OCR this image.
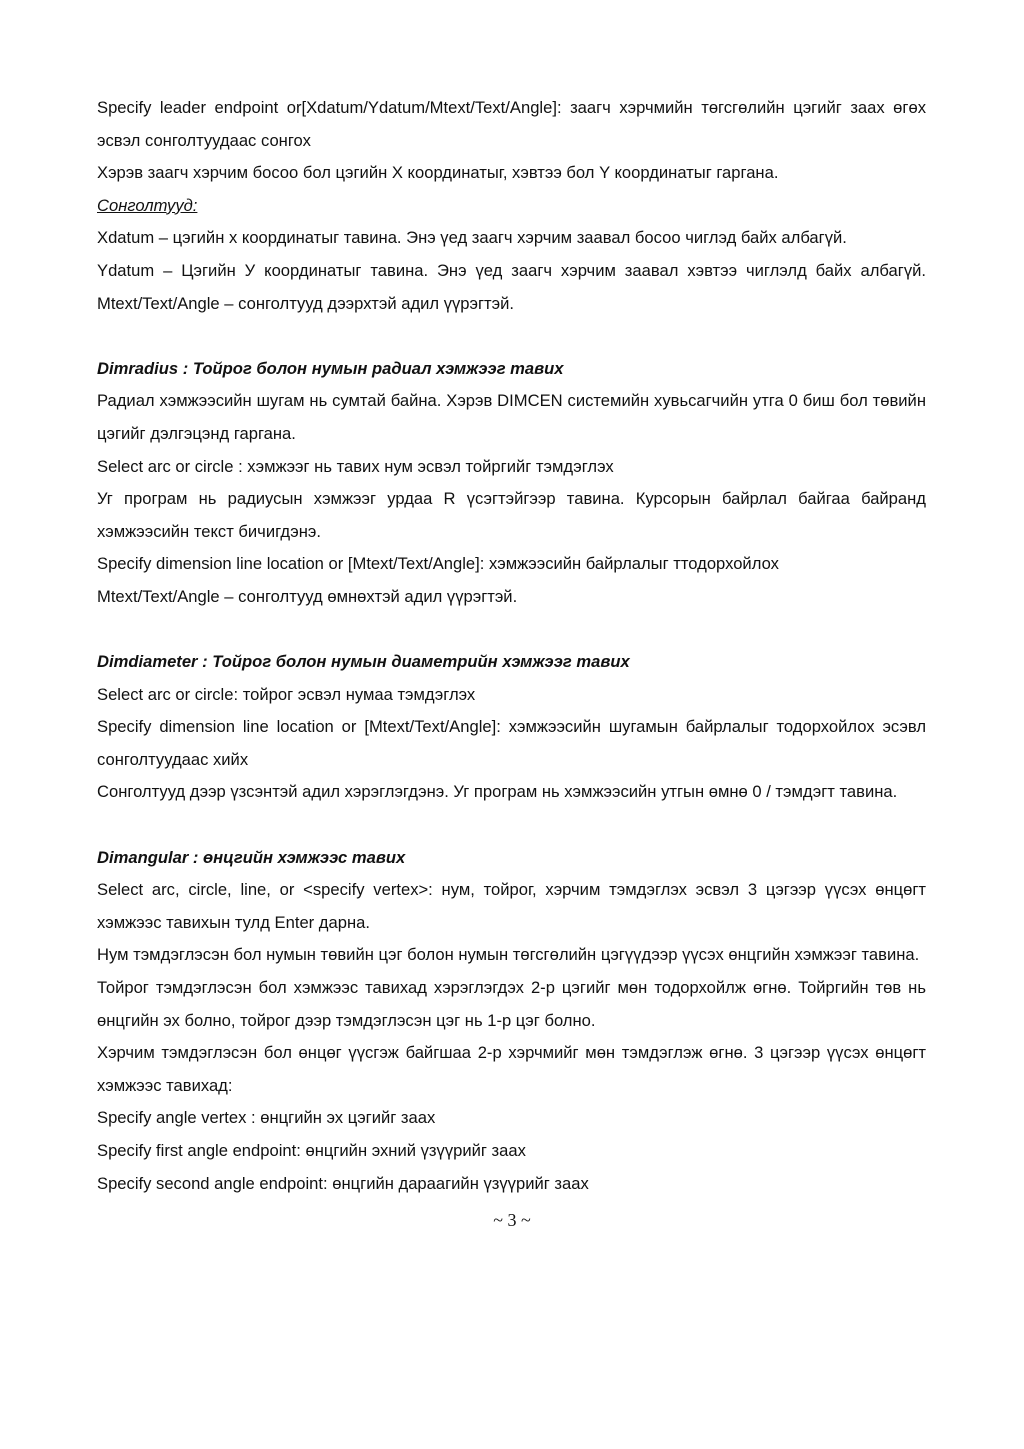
Specify leader endpoint or[Xdatum/Ydatum/Mtext/Text/Angle]: заагч хэрчмийн төгсгөлийн цэгийг заах өгөх эсвэл сонголтуудаас сонгох

Хэрэв заагч хэрчим босоо бол цэгийн X координатыг, хэвтээ бол Y координатыг гаргана.

Сонголтууд:

Xdatum – цэгийн x координатыг тавина. Энэ үед заагч хэрчим заавал босоо чиглэд байх албагүй.

Ydatum – Цэгийн У координатыг тавина. Энэ үед заагч хэрчим заавал хэвтээ чиглэлд байх албагүй. Mtext/Text/Angle – сонголтууд дээрхтэй адил үүрэгтэй.

Dimradius : Тойрог болон нумын радиал хэмжээг тавих

Радиал хэмжээсийн шугам нь сумтай байна. Хэрэв DIMCEN системийн хувьсагчийн утга 0 биш бол төвийн цэгийг дэлгэцэнд гаргана.

Select arc or circle : хэмжээг нь тавих нум эсвэл тойргийг тэмдэглэх

Уг програм нь радиусын хэмжээг урдаа R үсэгтэйгээр тавина. Курсорын байрлал байгаа байранд хэмжээсийн текст бичигдэнэ.

Specify dimension line location or [Mtext/Text/Angle]: хэмжээсийн байрлалыг ттодорхойлох

Mtext/Text/Angle – сонголтууд өмнөхтэй адил үүрэгтэй.

Dimdiameter : Тойрог болон нумын диаметрийн хэмжээг тавих

Select arc or circle: тойрог эсвэл нумаа тэмдэглэх

Specify dimension line location or [Mtext/Text/Angle]: хэмжээсийн шугамын байрлалыг тодорхойлох эсэвл сонголтуудаас хийх

Сонголтууд дээр үзсэнтэй адил хэрэглэгдэнэ. Уг програм нь хэмжээсийн утгын өмнө 0 / тэмдэгт тавина.

Dimangular : өнцгийн хэмжээс тавих

Select arc, circle, line, or <specify vertex>: нум, тойрог, хэрчим тэмдэглэх эсвэл 3 цэгээр үүсэх өнцөгт хэмжээс тавихын тулд Enter дарна.

Нум тэмдэглэсэн бол нумын төвийн цэг болон нумын төгсгөлийн цэгүүдээр үүсэх өнцгийн хэмжээг тавина.

Тойрог тэмдэглэсэн бол хэмжээс тавихад хэрэглэгдэх 2-р цэгийг мөн тодорхойлж өгнө. Тойргийн төв нь өнцгийн эх болно, тойрог дээр тэмдэглэсэн цэг нь 1-р цэг болно.

Хэрчим тэмдэглэсэн бол өнцөг үүсгэж байгшаа 2-р хэрчмийг мөн тэмдэглэж өгнө. 3 цэгээр үүсэх өнцөгт хэмжээс тавихад:

Specify angle vertex : өнцгийн эх цэгийг заах

Specify first angle endpoint: өнцгийн эхний үзүүрийг заах

Specify second angle endpoint: өнцгийн дараагийн үзүүрийг заах

~ 3 ~
